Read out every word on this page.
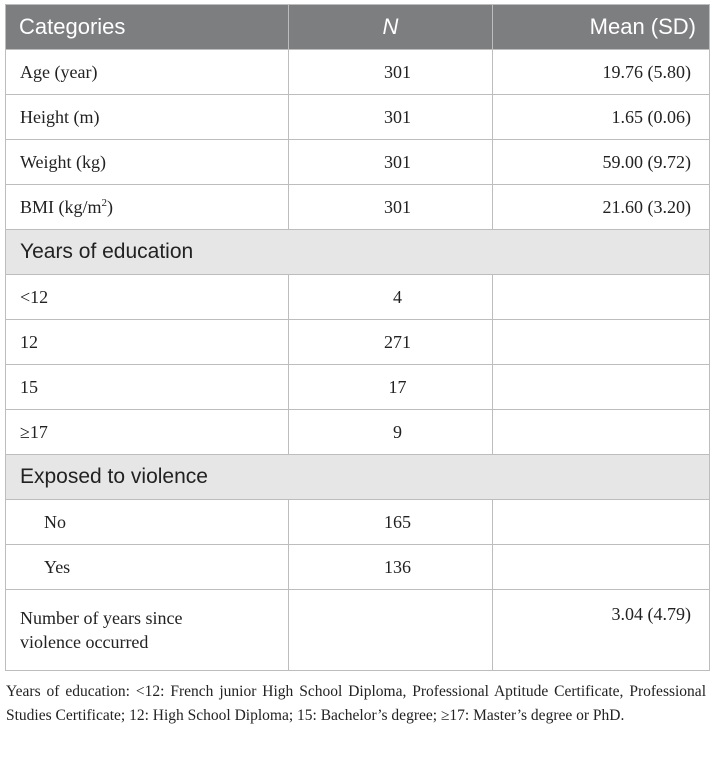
Categories	N	Mean (SD)
Age (year)	301	19.76 (5.80)
Height (m)	301	1.65 (0.06)
Weight (kg)	301	59.00 (9.72)
BMI $(kg/m^2)$	301	21.60 (3.20)
Years of education		
<12	4	
12	271	
15	17	
≥17	9	
Exposed to violence		
No	165	
Yes	136	
Number of years since
violence occurred		3.04 (4.79)
Years of education: <12: French junior High School Diploma, Professional Aptitude Certificate, Professional Studies Certificate; 12: High School Diploma; 15: Bachelor’s degree; ≥17: Master’s degree or PhD.
